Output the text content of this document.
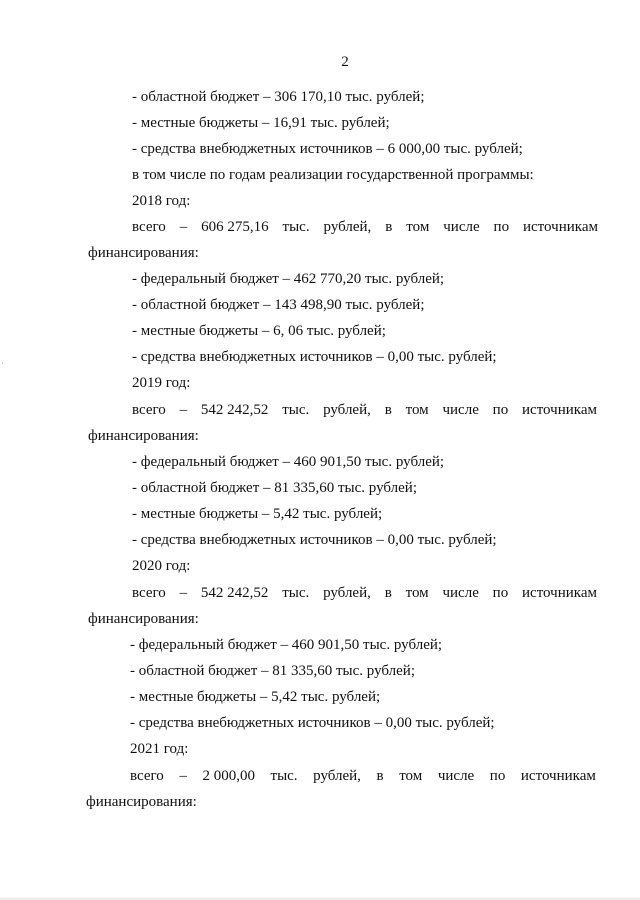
2
- областной бюджет – 306 170,10 тыс. рублей;
- местные бюджеты – 16,91 тыс. рублей;
- средства внебюджетных источников – 6 000,00 тыс. рублей;
в том числе по годам реализации государственной программы:
2018 год:
всего – 606 275,16 тыс. рублей, в том числе по источникам
финансирования:
- федеральный бюджет – 462 770,20 тыс. рублей;
- областной бюджет – 143 498,90 тыс. рублей;
- местные бюджеты – 6, 06 тыс. рублей;
- средства внебюджетных источников – 0,00 тыс. рублей;
2019 год:
всего – 542 242,52 тыс. рублей, в том числе по источникам
финансирования:
- федеральный бюджет – 460 901,50 тыс. рублей;
- областной бюджет – 81 335,60 тыс. рублей;
- местные бюджеты – 5,42 тыс. рублей;
- средства внебюджетных источников – 0,00 тыс. рублей;
2020 год:
всего – 542 242,52 тыс. рублей, в том числе по источникам
финансирования:
- федеральный бюджет – 460 901,50 тыс. рублей;
- областной бюджет – 81 335,60 тыс. рублей;
- местные бюджеты – 5,42 тыс. рублей;
- средства внебюджетных источников – 0,00 тыс. рублей;
2021 год:
всего – 2 000,00 тыс. рублей, в том числе по источникам
финансирования:
